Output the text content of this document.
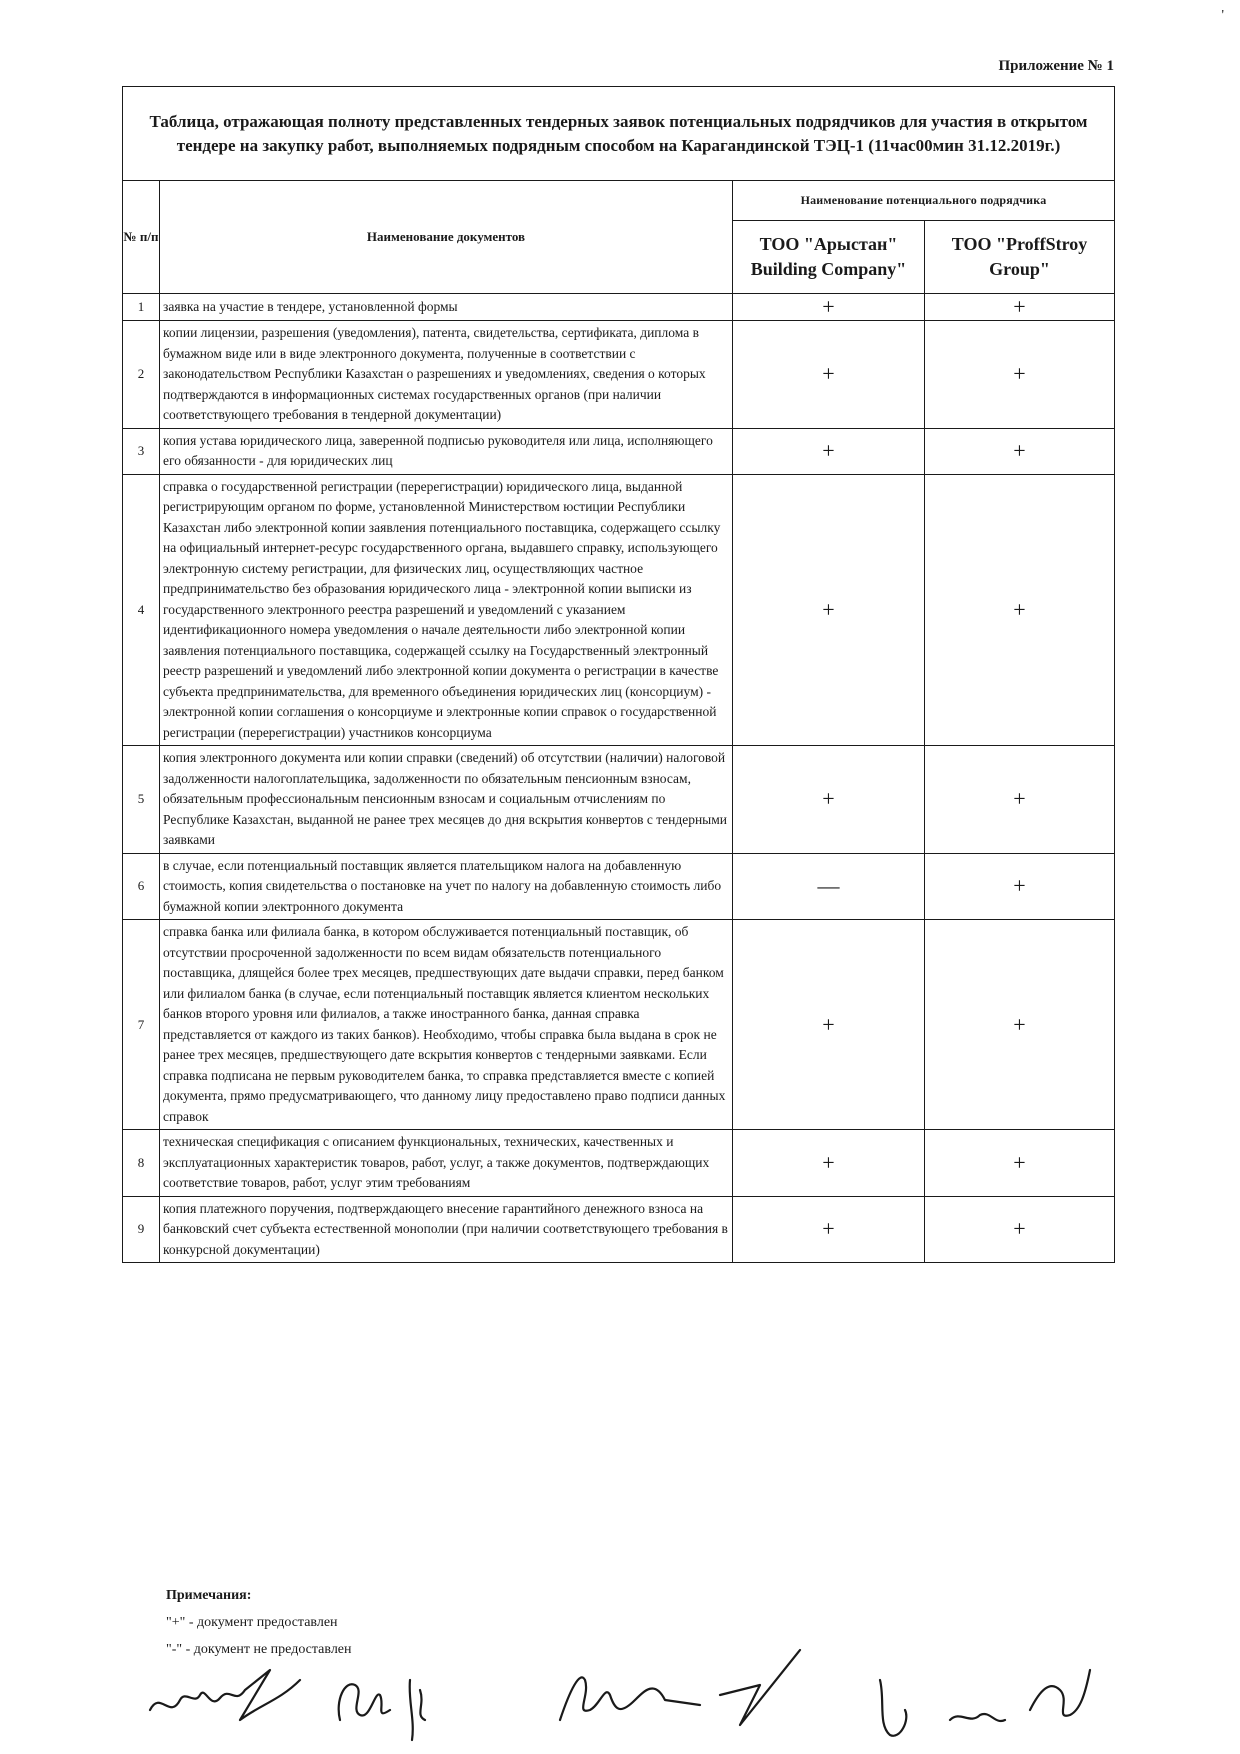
'
Приложение № 1
Таблица, отражающая полноту представленных тендерных заявок потенциальных подрядчиков для участия в открытом тендере на закупку работ, выполняемых подрядным способом на Карагандинской ТЭЦ-1 (11час00мин 31.12.2019г.)			
№ п/п	Наименование документов	Наименование потенциального подрядчика	
		ТОО "Арыстан" Building Company"	ТОО "ProffStroy Group"
1	заявка на участие в тендере, установленной формы	+	+
2	копии лицензии, разрешения (уведомления), патента, свидетельства, сертификата, диплома в бумажном виде или в виде электронного документа, полученные в соответствии с законодательством Республики Казахстан о разрешениях и уведомлениях, сведения о которых подтверждаются в информационных системах государственных органов (при наличии соответствующего требования в тендерной документации)	+	+
3	копия устава юридического лица, заверенной подписью руководителя или лица, исполняющего его обязанности - для юридических лиц	+	+
4	справка о государственной регистрации (перерегистрации) юридического лица, выданной регистрирующим органом по форме, установленной Министерством юстиции Республики Казахстан либо электронной копии заявления потенциального поставщика, содержащего ссылку на официальный интернет-ресурс государственного органа, выдавшего справку, использующего электронную систему регистрации, для физических лиц, осуществляющих частное предпринимательство без образования юридического лица - электронной копии выписки из государственного электронного реестра разрешений и уведомлений с указанием идентификационного номера уведомления о начале деятельности либо электронной копии заявления потенциального поставщика, содержащей ссылку на Государственный электронный реестр разрешений и уведомлений либо электронной копии документа о регистрации в качестве субъекта предпринимательства, для временного объединения юридических лиц (консорциум) - электронной копии соглашения о консорциуме и электронные копии справок о государственной регистрации (перерегистрации) участников консорциума	+	+
5	копия электронного документа или копии справки (сведений) об отсутствии (наличии) налоговой задолженности налогоплательщика, задолженности по обязательным пенсионным взносам, обязательным профессиональным пенсионным взносам и социальным отчислениям по Республике Казахстан, выданной не ранее трех месяцев до дня вскрытия конвертов с тендерными заявками	+	+
6	в случае, если потенциальный поставщик является плательщиком налога на добавленную стоимость, копия свидетельства о постановке на учет по налогу на добавленную стоимость либо бумажной копии электронного документа	—	+
7	справка банка или филиала банка, в котором обслуживается потенциальный поставщик, об отсутствии просроченной задолженности по всем видам обязательств потенциального поставщика, длящейся более трех месяцев, предшествующих дате выдачи справки, перед банком или филиалом банка (в случае, если потенциальный поставщик является клиентом нескольких банков второго уровня или филиалов, а также иностранного банка, данная справка представляется от каждого из таких банков). Необходимо, чтобы справка была выдана в срок не ранее трех месяцев, предшествующего дате вскрытия конвертов с тендерными заявками. Если справка подписана не первым руководителем банка, то справка представляется вместе с копией документа, прямо предусматривающего, что данному лицу предоставлено право подписи данных справок	+	+
8	техническая спецификация с описанием функциональных, технических, качественных и эксплуатационных характеристик товаров, работ, услуг, а также документов, подтверждающих соответствие товаров, работ, услуг этим требованиям	+	+
9	копия платежного поручения, подтверждающего внесение гарантийного денежного взноса на банковский счет субъекта естественной монополии (при наличии соответствующего требования в конкурсной документации)	+	+
Примечания:
"+" - документ предоставлен
"-" - документ не предоставлен
